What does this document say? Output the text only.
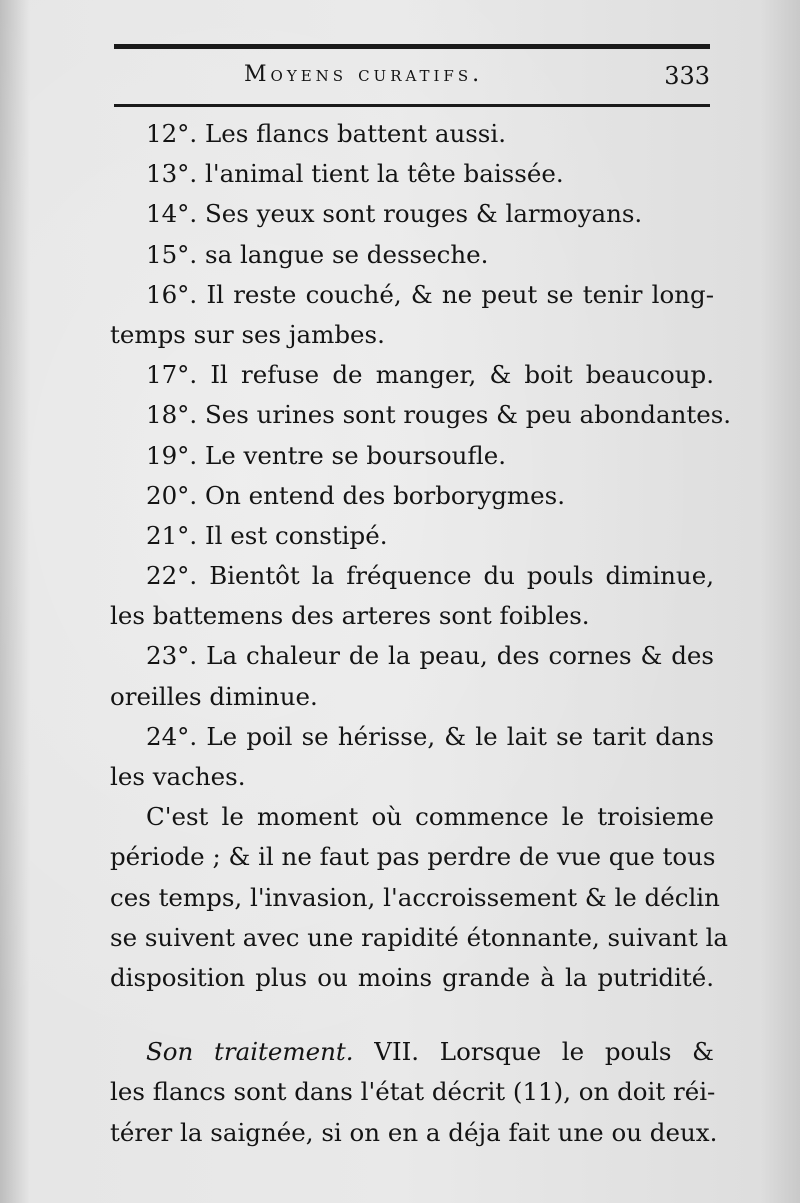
Moyens curatifs.	333
12°. Les flancs battent aussi.
13°. l'animal tient la tête baissée.
14°. Ses yeux sont rouges & larmoyans.
15°. sa langue se desseche.
16°. Il reste couché, & ne peut se tenir long-
temps sur ses jambes.
17°. Il refuse de manger, & boit beaucoup.
18°. Ses urines sont rouges & peu abondantes.
19°. Le ventre se boursoufle.
20°. On entend des borborygmes.
21°. Il est constipé.
22°. Bientôt la fréquence du pouls diminue,
les battemens des arteres sont foibles.
23°. La chaleur de la peau, des cornes & des
oreilles diminue.
24°. Le poil se hérisse, & le lait se tarit dans
les vaches.
C'est le moment où commence le troisieme
période ; & il ne faut pas perdre de vue que tous
ces temps, l'invasion, l'accroissement & le déclin
se suivent avec une rapidité étonnante, suivant la
disposition plus ou moins grande à la putridité.
Son traitement. VII. Lorsque le pouls &
les flancs sont dans l'état décrit (11), on doit réi-
térer la saignée, si on en a déja fait une ou deux.
